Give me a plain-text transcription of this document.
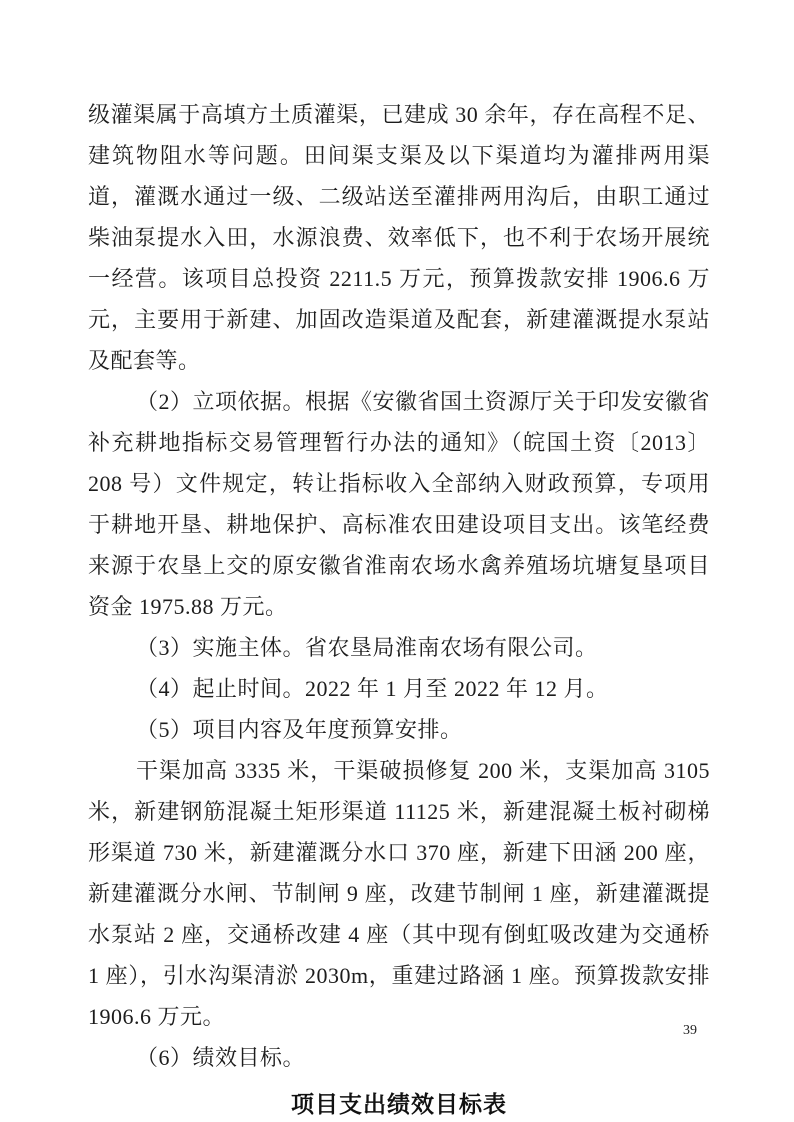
级灌渠属于高填方土质灌渠，已建成 30 余年，存在高程不足、建筑物阻水等问题。田间渠支渠及以下渠道均为灌排两用渠道，灌溉水通过一级、二级站送至灌排两用沟后，由职工通过柴油泵提水入田，水源浪费、效率低下，也不利于农场开展统一经营。该项目总投资 2211.5 万元，预算拨款安排 1906.6 万元，主要用于新建、加固改造渠道及配套，新建灌溉提水泵站及配套等。

（2）立项依据。根据《安徽省国土资源厅关于印发安徽省补充耕地指标交易管理暂行办法的通知》（皖国土资〔2013〕208 号）文件规定，转让指标收入全部纳入财政预算，专项用于耕地开垦、耕地保护、高标准农田建设项目支出。该笔经费来源于农垦上交的原安徽省淮南农场水禽养殖场坑塘复垦项目资金 1975.88 万元。

（3）实施主体。省农垦局淮南农场有限公司。

（4）起止时间。2022 年 1 月至 2022 年 12 月。

（5）项目内容及年度预算安排。

干渠加高 3335 米，干渠破损修复 200 米，支渠加高 3105 米，新建钢筋混凝土矩形渠道 11125 米，新建混凝土板衬砌梯形渠道 730 米，新建灌溉分水口 370 座，新建下田涵 200 座，新建灌溉分水闸、节制闸 9 座，改建节制闸 1 座，新建灌溉提水泵站 2 座，交通桥改建 4 座（其中现有倒虹吸改建为交通桥 1 座），引水沟渠清淤 2030m，重建过路涵 1 座。预算拨款安排 1906.6 万元。

（6）绩效目标。

项目支出绩效目标表
39
